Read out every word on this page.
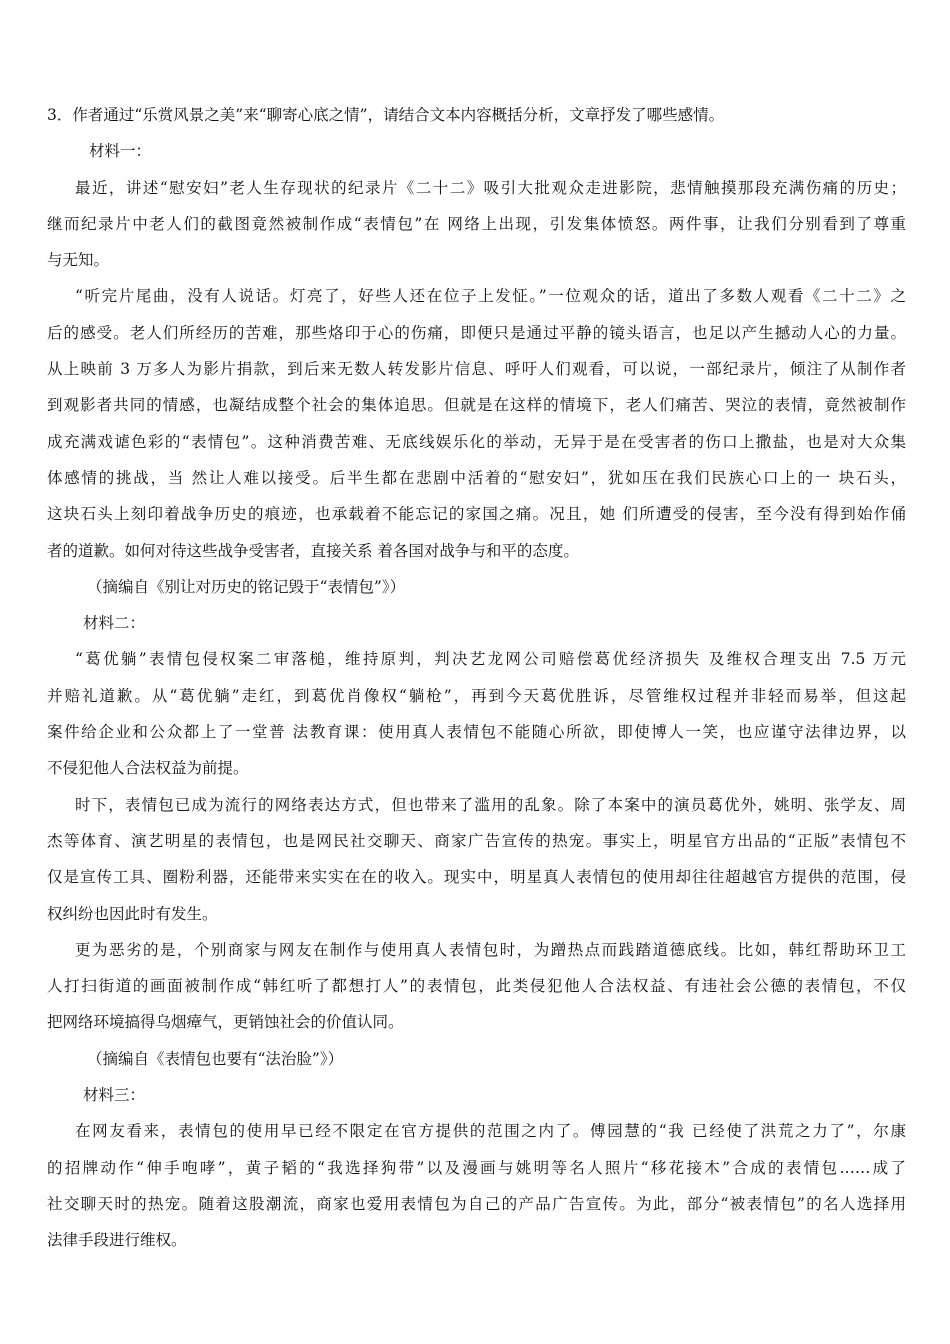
3．作者通过“乐赏风景之美”来“聊寄心底之情”，请结合文本内容概括分析，文章抒发了哪些感情。

材料一：

最近，讲述“慰安妇”老人生存现状的纪录片《二十二》吸引大批观众走进影院，悲情触摸那段充满伤痛的历史；

继而纪录片中老人们的截图竟然被制作成“表情包”在 网络上出现，引发集体愤怒。两件事，让我们分别看到了尊重

与无知。

“听完片尾曲，没有人说话。灯亮了，好些人还在位子上发怔。”一位观众的话，道出了多数人观看《二十二》之

后的感受。老人们所经历的苦难，那些烙印于心的伤痛，即便只是通过平静的镜头语言，也足以产生撼动人心的力量。

从上映前 3 万多人为影片捐款，到后来无数人转发影片信息、呼吁人们观看，可以说，一部纪录片，倾注了从制作者

到观影者共同的情感，也凝结成整个社会的集体追思。但就是在这样的情境下，老人们痛苦、哭泣的表情，竟然被制作

成充满戏谑色彩的“表情包”。这种消费苦难、无底线娱乐化的举动，无异于是在受害者的伤口上撒盐，也是对大众集

体感情的挑战，当 然让人难以接受。后半生都在悲剧中活着的“慰安妇”，犹如压在我们民族心口上的一 块石头，

这块石头上刻印着战争历史的痕迹，也承载着不能忘记的家国之痛。况且，她 们所遭受的侵害，至今没有得到始作俑

者的道歉。如何对待这些战争受害者，直接关系 着各国对战争与和平的态度。

（摘编自《别让对历史的铭记毁于“表情包”》）

材料二：

“葛优躺”表情包侵权案二审落槌，维持原判，判决艺龙网公司赔偿葛优经济损失 及维权合理支出 7.5 万元

并赔礼道歉。从“葛优躺”走红，到葛优肖像权“躺枪”，再到今天葛优胜诉，尽管维权过程并非轻而易举，但这起

案件给企业和公众都上了一堂普 法教育课：使用真人表情包不能随心所欲，即使博人一笑，也应谨守法律边界，以

不侵犯他人合法权益为前提。

时下，表情包已成为流行的网络表达方式，但也带来了滥用的乱象。除了本案中的演员葛优外，姚明、张学友、周

杰等体育、演艺明星的表情包，也是网民社交聊天、商家广告宣传的热宠。事实上，明星官方出品的“正版”表情包不

仅是宣传工具、圈粉利器，还能带来实实在在的收入。现实中，明星真人表情包的使用却往往超越官方提供的范围，侵

权纠纷也因此时有发生。

更为恶劣的是，个别商家与网友在制作与使用真人表情包时，为蹭热点而践踏道德底线。比如，韩红帮助环卫工

人打扫街道的画面被制作成“韩红听了都想打人”的表情包，此类侵犯他人合法权益、有违社会公德的表情包，不仅

把网络环境搞得乌烟瘴气，更销蚀社会的价值认同。

（摘编自《表情包也要有“法治脸”》）

材料三：

在网友看来，表情包的使用早已经不限定在官方提供的范围之内了。傅园慧的“我 已经使了洪荒之力了”，尔康

的招牌动作“伸手咆哮”，黄子韬的“我选择狗带”以及漫画与姚明等名人照片“移花接木”合成的表情包……成了

社交聊天时的热宠。随着这股潮流，商家也爱用表情包为自己的产品广告宣传。为此，部分“被表情包”的名人选择用

法律手段进行维权。
